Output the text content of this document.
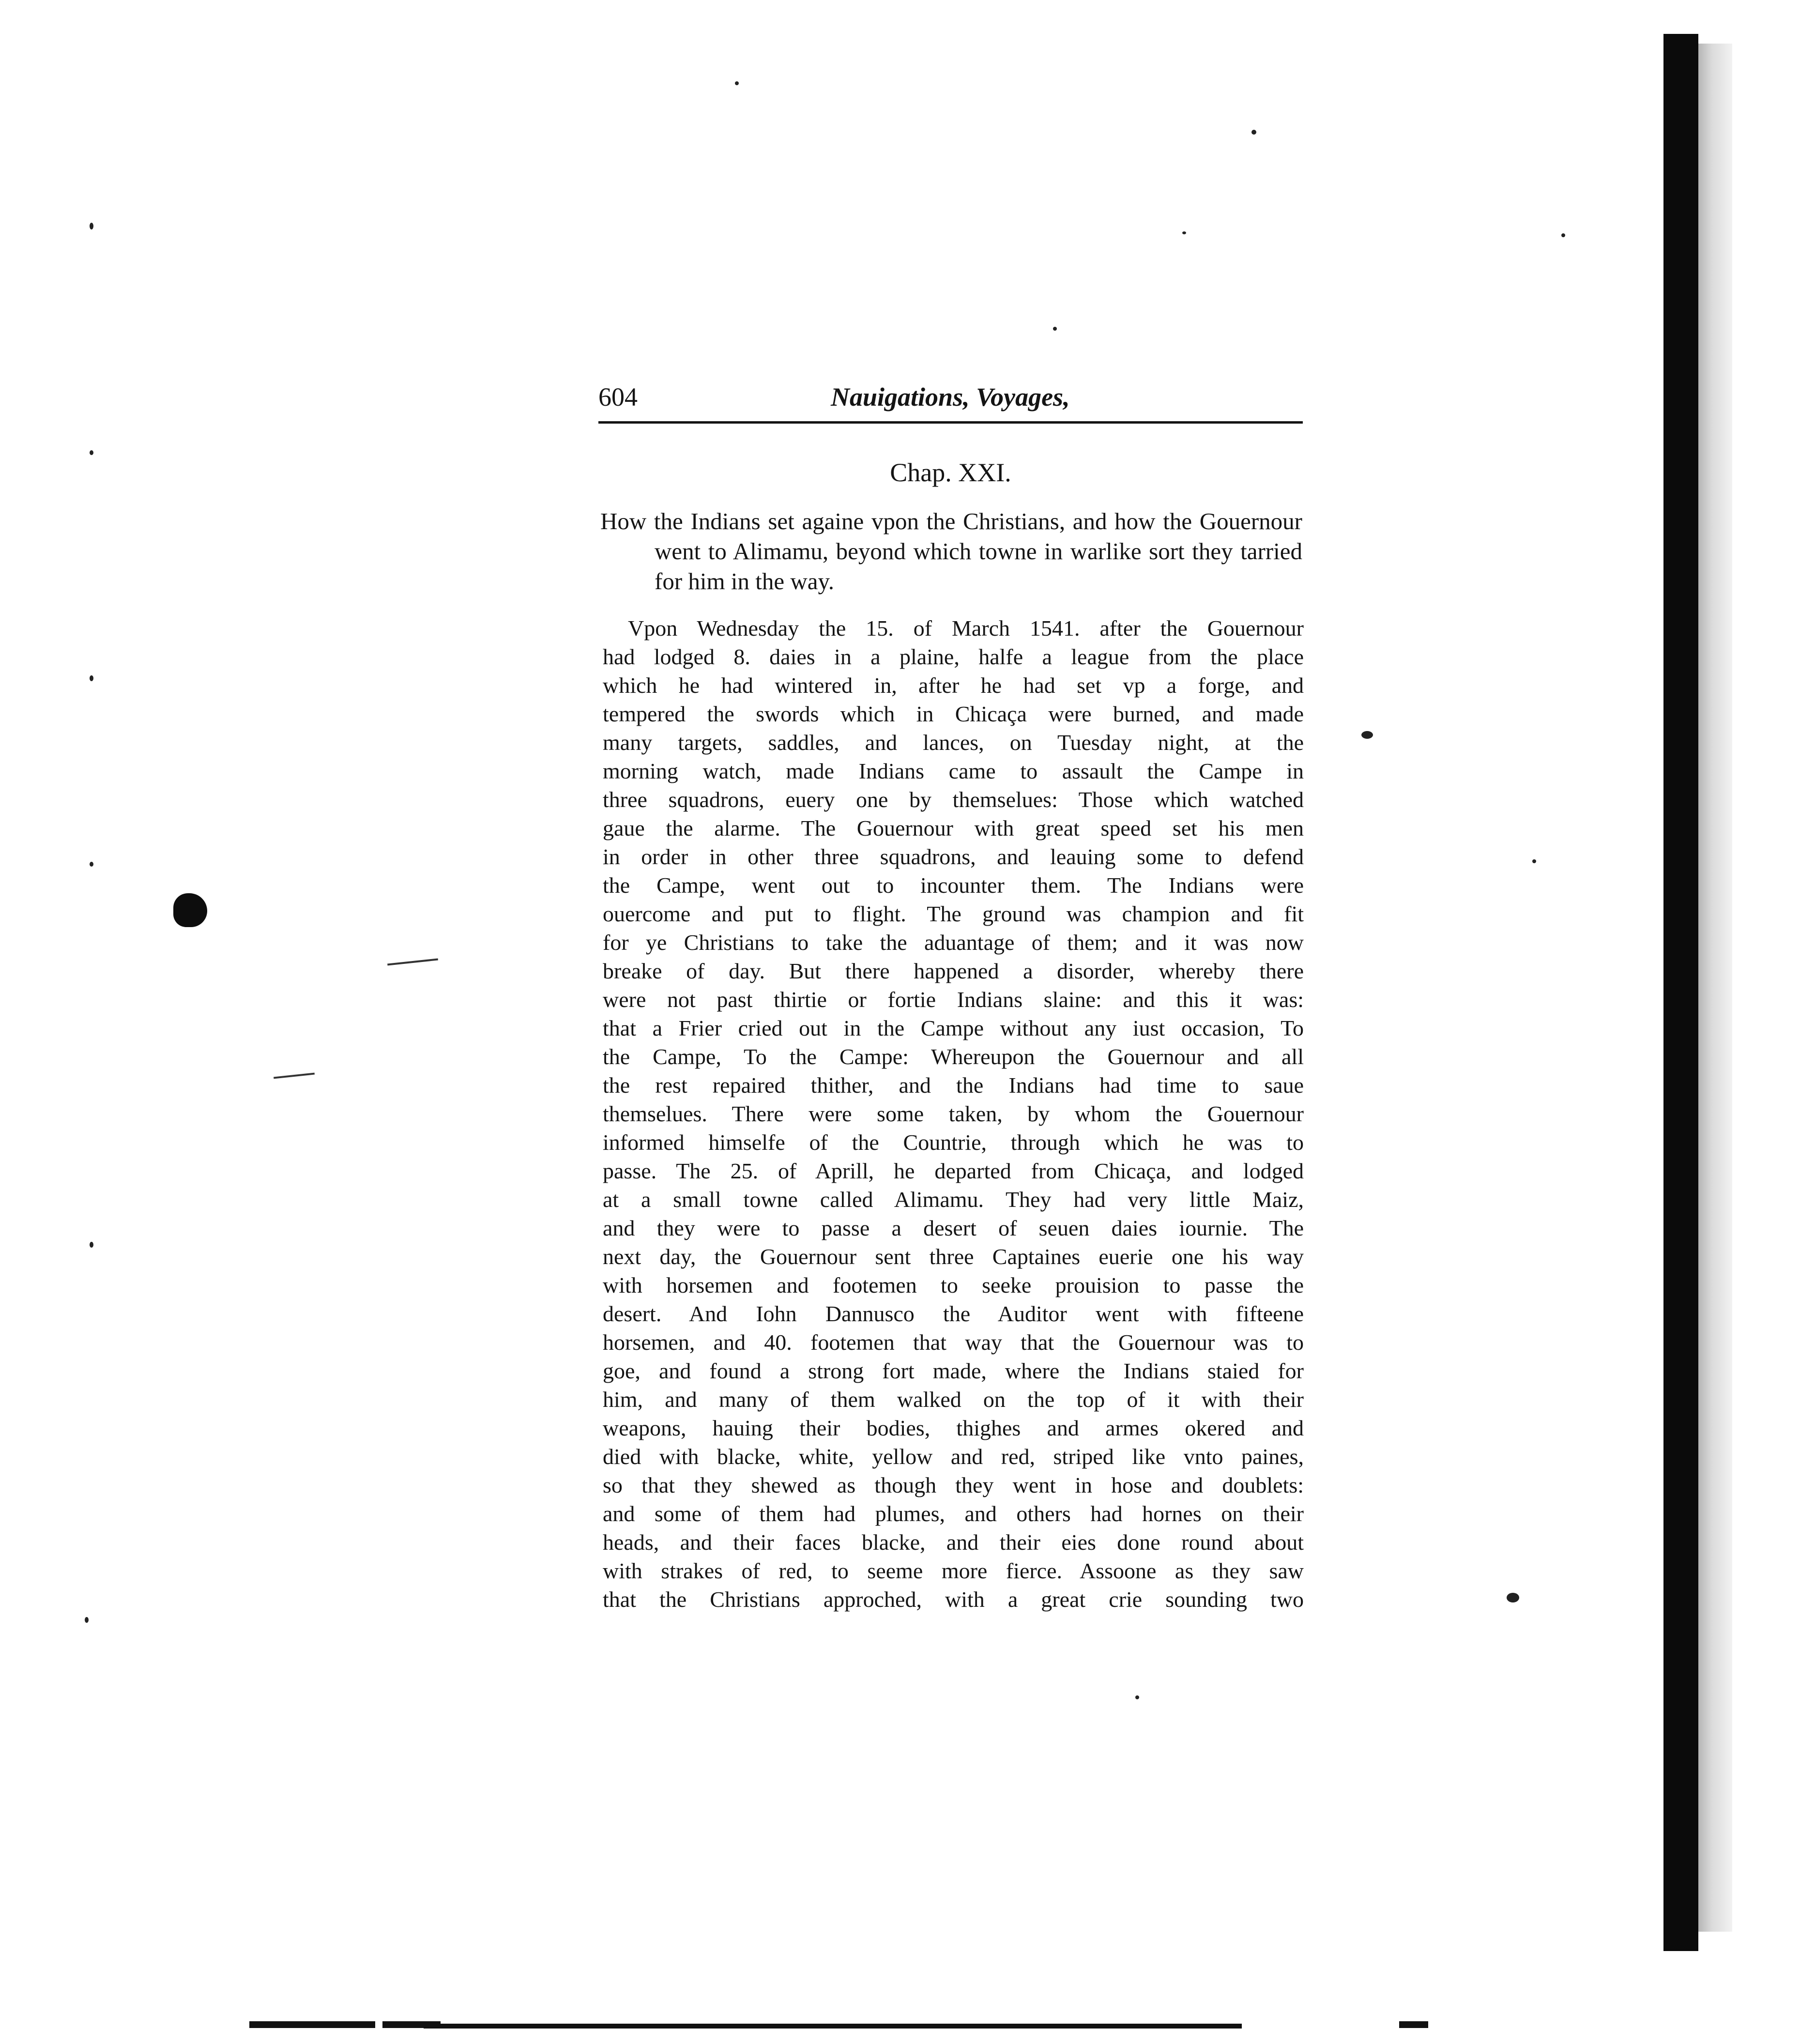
604	Nauigations, Voyages,
Chap. XXI.
How the Indians set againe vpon the Christians, and how the Gouernour went to Alimamu, beyond which towne in warlike sort they tarried for him in the way.
Vpon Wednesday the 15. of March 1541. after the Gouernour
had lodged 8. daies in a plaine, halfe a league from the place
which he had wintered in, after he had set vp a forge, and
tempered the swords which in Chicaça were burned, and made
many targets, saddles, and lances, on Tuesday night, at the
morning watch, made Indians came to assault the Campe in
three squadrons, euery one by themselues: Those which watched
gaue the alarme. The Gouernour with great speed set his men
in order in other three squadrons, and leauing some to defend
the Campe, went out to incounter them. The Indians were
ouercome and put to flight. The ground was champion and fit
for ye Christians to take the aduantage of them; and it was now
breake of day. But there happened a disorder, whereby there
were not past thirtie or fortie Indians slaine: and this it was:
that a Frier cried out in the Campe without any iust occasion, To
the Campe, To the Campe: Whereupon the Gouernour and all
the rest repaired thither, and the Indians had time to saue
themselues. There were some taken, by whom the Gouernour
informed himselfe of the Countrie, through which he was to
passe. The 25. of Aprill, he departed from Chicaça, and lodged
at a small towne called Alimamu. They had very little Maiz,
and they were to passe a desert of seuen daies iournie. The
next day, the Gouernour sent three Captaines euerie one his way
with horsemen and footemen to seeke prouision to passe the
desert. And Iohn Dannusco the Auditor went with fifteene
horsemen, and 40. footemen that way that the Gouernour was to
goe, and found a strong fort made, where the Indians staied for
him, and many of them walked on the top of it with their
weapons, hauing their bodies, thighes and armes okered and
died with blacke, white, yellow and red, striped like vnto paines,
so that they shewed as though they went in hose and doublets:
and some of them had plumes, and others had hornes on their
heads, and their faces blacke, and their eies done round about
with strakes of red, to seeme more fierce. Assoone as they saw
that the Christians approched, with a great crie sounding two
